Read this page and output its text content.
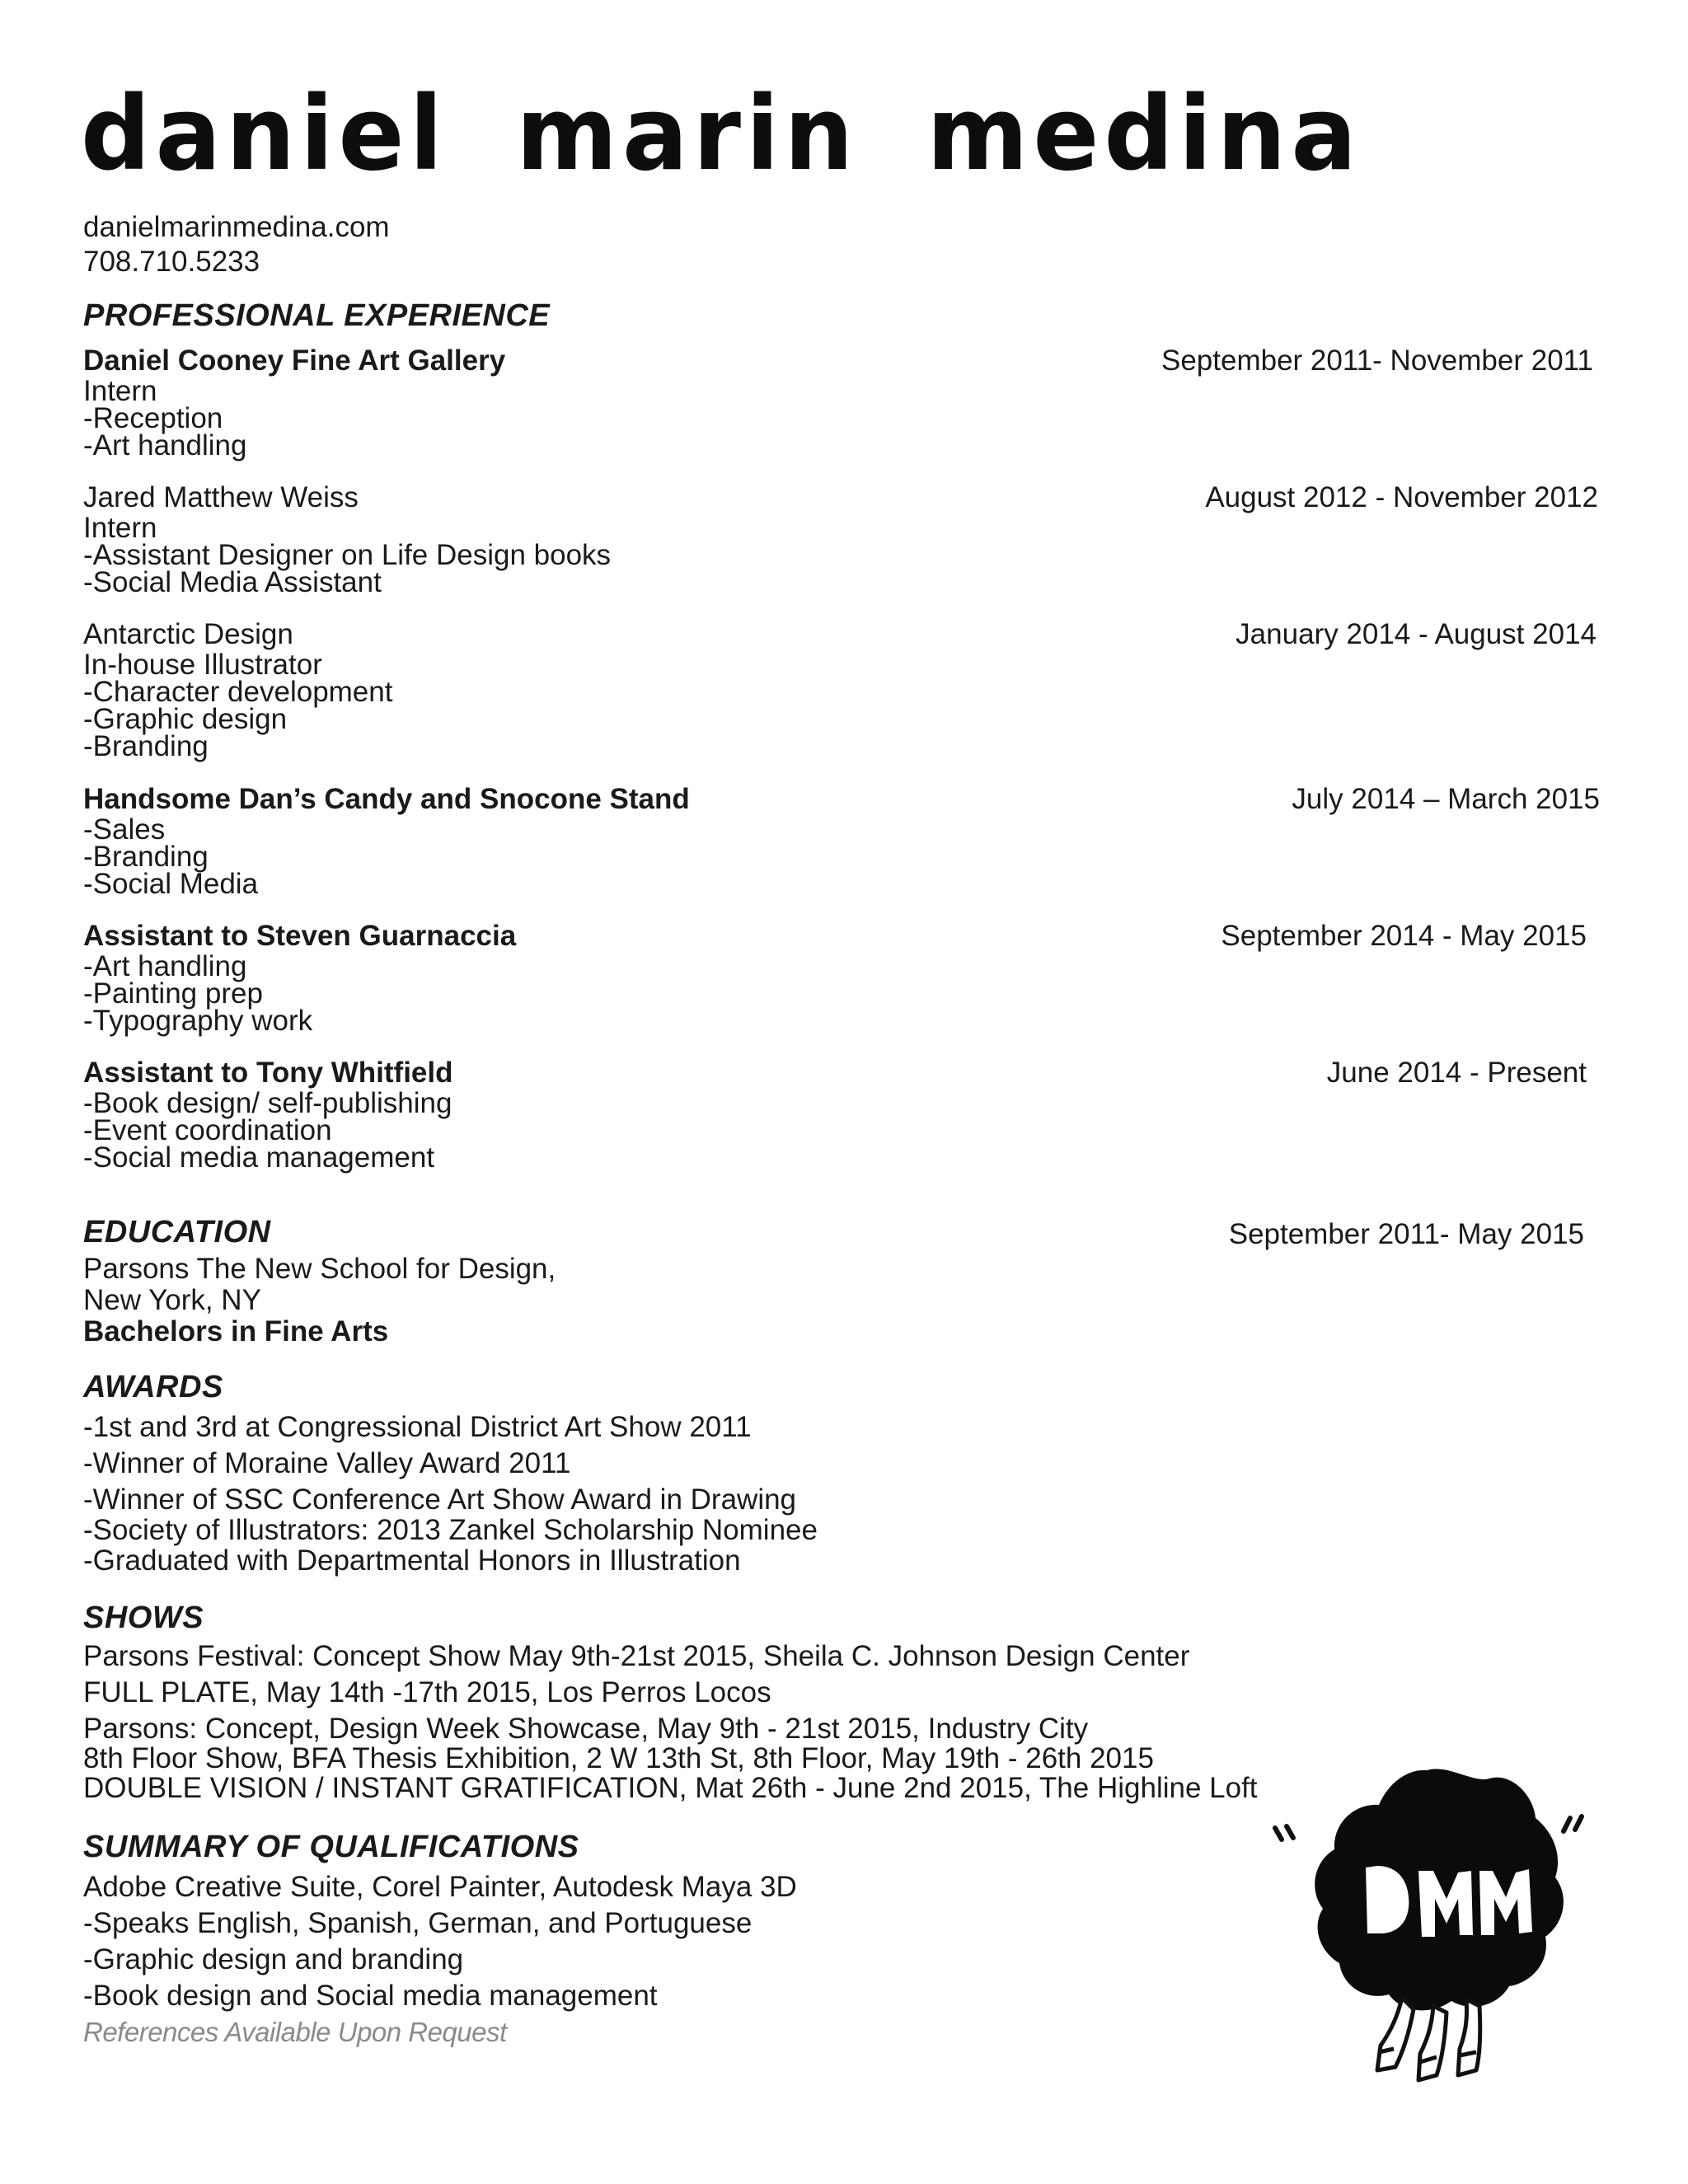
daniel marin medina
danielmarinmedina.com
708.710.5233
PROFESSIONAL EXPERIENCE
Daniel Cooney Fine Art Gallery	September 2011- November 2011
Intern
-Reception
-Art handling
Jared Matthew Weiss	August 2012 - November 2012
Intern
-Assistant Designer on Life Design books
-Social Media Assistant
Antarctic Design	January 2014 - August 2014
In-house Illustrator
-Character development
-Graphic design
-Branding
Handsome Dan’s Candy and Snocone Stand	July 2014 – March 2015
-Sales
-Branding
-Social Media
Assistant to Steven Guarnaccia	September 2014 - May 2015
-Art handling
-Painting prep
-Typography work
Assistant to Tony Whitfield	June 2014 - Present
-Book design/ self-publishing
-Event coordination
-Social media management
EDUCATION	September 2011- May 2015
Parsons The New School for Design,
New York, NY
Bachelors in Fine Arts
AWARDS
-1st and 3rd at Congressional District Art Show 2011
-Winner of Moraine Valley Award 2011
-Winner of SSC Conference Art Show Award in Drawing
-Society of Illustrators: 2013 Zankel Scholarship Nominee
-Graduated with Departmental Honors in Illustration
SHOWS
Parsons Festival: Concept Show May 9th-21st 2015, Sheila C. Johnson Design Center
FULL PLATE, May 14th -17th 2015, Los Perros Locos
Parsons: Concept, Design Week Showcase, May 9th - 21st 2015, Industry City
8th Floor Show, BFA Thesis Exhibition, 2 W 13th St, 8th Floor, May 19th - 26th 2015
DOUBLE VISION / INSTANT GRATIFICATION, Mat 26th - June 2nd 2015, The Highline Loft
SUMMARY OF QUALIFICATIONS
Adobe Creative Suite, Corel Painter, Autodesk Maya 3D
-Speaks English, Spanish, German, and Portuguese
-Graphic design and branding
-Book design and Social media management
References Available Upon Request
